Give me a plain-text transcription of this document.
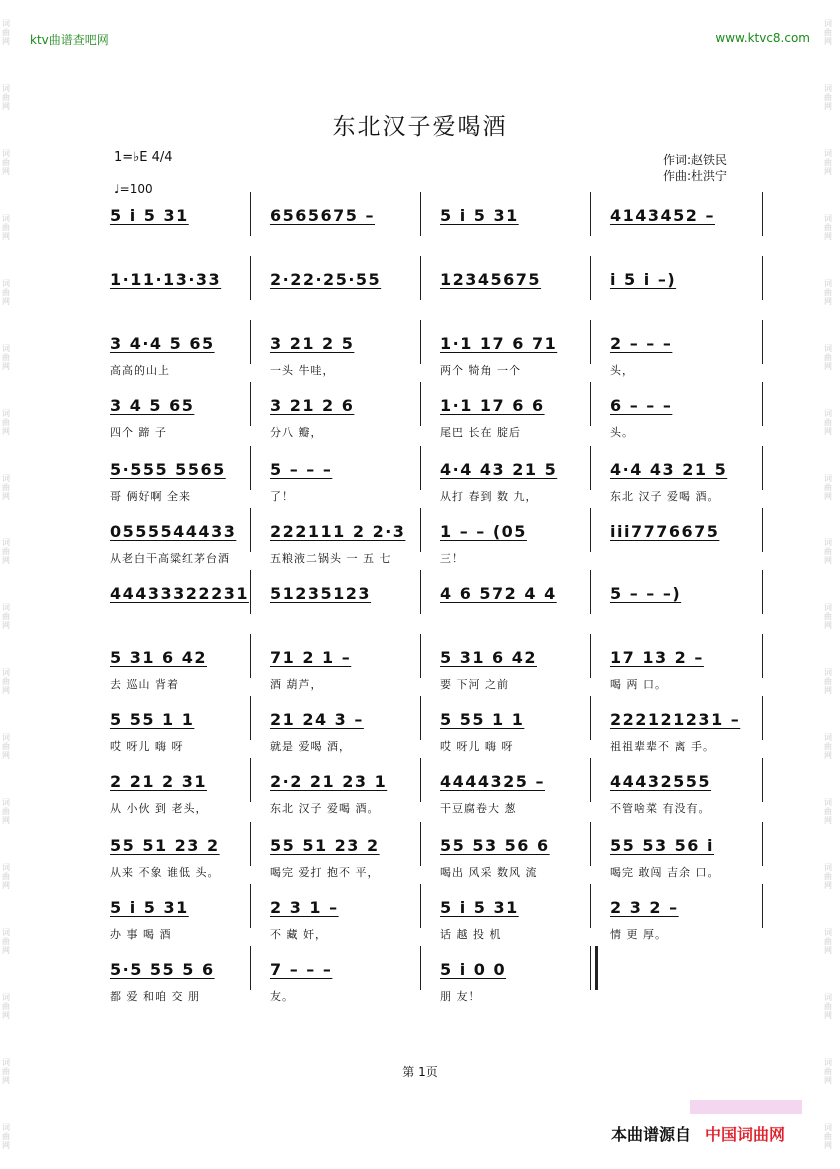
词曲网
词曲网
词曲网
词曲网
词曲网
词曲网
词曲网
词曲网
词曲网
词曲网
词曲网
词曲网
词曲网
词曲网
词曲网
词曲网
词曲网
词曲网
词曲网
词曲网
词曲网
词曲网
词曲网
词曲网
词曲网
词曲网
词曲网
词曲网
词曲网
词曲网
词曲网
词曲网
词曲网
词曲网
词曲网
词曲网
ktv曲谱查吧网	www.ktvc8.com
东北汉子爱喝酒
1=♭E 4/4
♩=100
作词:赵铁民
作曲:杜洪宁
5 i 5 31	6565675 –	5 i 5 31	4143452 –
1·11·13·33	2·22·25·55	12345675	i 5 i –)
3 4·4 5 65
高高的山上
3 21 2 5
一头 牛哇，
1·1 17 6 71
两个 犄角 一个
2 – – –
头，
3 4 5 65
四个 蹄 子
3 21 2 6
分八 瓣，
1·1 17 6 6
尾巴 长在 腚后
6 – – –
头。
5·555 5565
哥 俩好啊 全来
5 – – –
了！
4·4 43 21 5
从打 春到 数 九，
4·4 43 21 5
东北 汉子 爱喝 酒。
0555544433
从老白干高粱红茅台酒
222111 2 2·3
五粮液二锅头 一 五 七
1 – – (05
三！
iii7776675
44433322231 51235123	4 6 572 4 4	5 – – –)
5 31 6 42
去 巡山 背着
71 2 1 –
酒 葫芦，
5 31 6 42
要 下河 之前
17 13 2 –
喝 两 口。
5 55 1 1
哎 呀儿 嗨 呀
21 24 3 –
就是 爱喝 酒，
5 55 1 1
哎 呀儿 嗨 呀
222121231 –
祖祖辈辈不 离 手。
2 21 2 31
从 小伙 到 老头，
2·2 21 23 1
东北 汉子 爱喝 酒。
4444325 –
干豆腐卷大 葱
44432555
不管啥菜 有没有。
55 51 23 2
从来 不象 谁低 头。
55 51 23 2
喝完 爱打 抱不 平，
55 53 56 6
喝出 风采 数风 流
55 53 56 i
喝完 敢闯 吉余 口。
5 i 5 31
办 事 喝 酒
2 3 1 –
不 藏 奸，
5 i 5 31
话 越 投 机
2 3 2 –
情 更 厚。
5·5 55 5 6
都 爱 和咱 交 朋
7 – – –
友。
5 i 0 0
朋 友！
第 1页
本曲谱源自 中国词曲网
